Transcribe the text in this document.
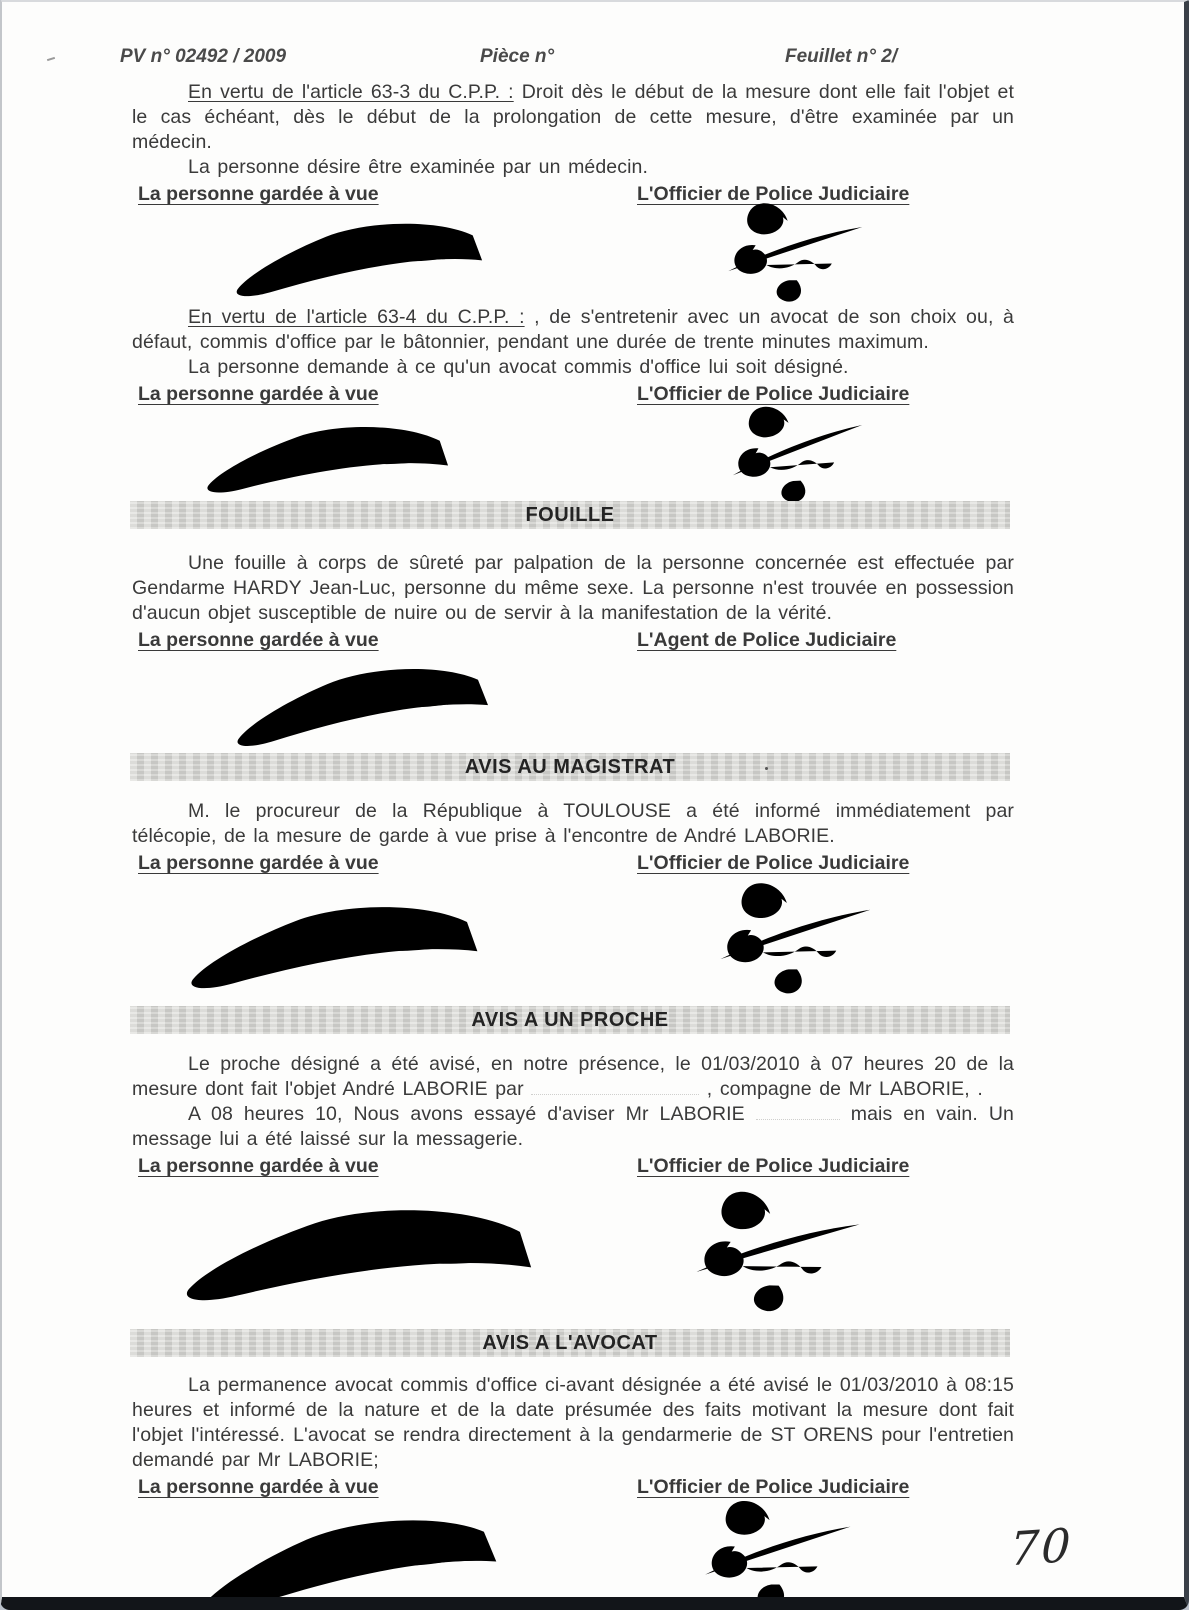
PV n° 02492 / 2009	Pièce n°	Feuillet n° 2/

En vertu de l'article 63-3 du C.P.P. : Droit dès le début de la mesure dont elle fait l'objet et le cas échéant, dès le début de la prolongation de cette mesure, d'être examinée par un médecin.

La personne désire être examinée par un médecin.

La personne gardée à vue	L'Officier de Police Judiciaire

En vertu de l'article 63-4 du C.P.P. : , de s'entretenir avec un avocat de son choix ou, à défaut, commis d'office par le bâtonnier, pendant une durée de trente minutes maximum.

La personne demande à ce qu'un avocat commis d'office lui soit désigné.

La personne gardée à vue	L'Officier de Police Judiciaire
FOUILLE

Une fouille à corps de sûreté par palpation de la personne concernée est effectuée par Gendarme HARDY Jean-Luc, personne du même sexe. La personne n'est trouvée en possession d'aucun objet susceptible de nuire ou de servir à la manifestation de la vérité.

La personne gardée à vue	L'Agent de Police Judiciaire
AVIS AU MAGISTRAT

M. le procureur de la République à TOULOUSE a été informé immédiatement par télécopie, de la mesure de garde à vue prise à l'encontre de André LABORIE.

La personne gardée à vue	L'Officier de Police Judiciaire
AVIS A UN PROCHE

Le proche désigné a été avisé, en notre présence, le 01/03/2010 à 07 heures 20 de la mesure dont fait l'objet André LABORIE par	, compagne de Mr LABORIE, .

A 08 heures 10, Nous avons essayé d'aviser Mr LABORIE	mais en vain. Un message lui a été laissé sur la messagerie.

La personne gardée à vue	L'Officier de Police Judiciaire
AVIS A L'AVOCAT

La permanence avocat commis d'office ci-avant désignée a été avisé le 01/03/2010 à 08:15 heures et informé de la nature et de la date présumée des faits motivant la mesure dont fait l'objet l'intéressé. L'avocat se rendra directement à la gendarmerie de ST ORENS pour l'entretien demandé par Mr LABORIE;

La personne gardée à vue	L'Officier de Police Judiciaire
70
